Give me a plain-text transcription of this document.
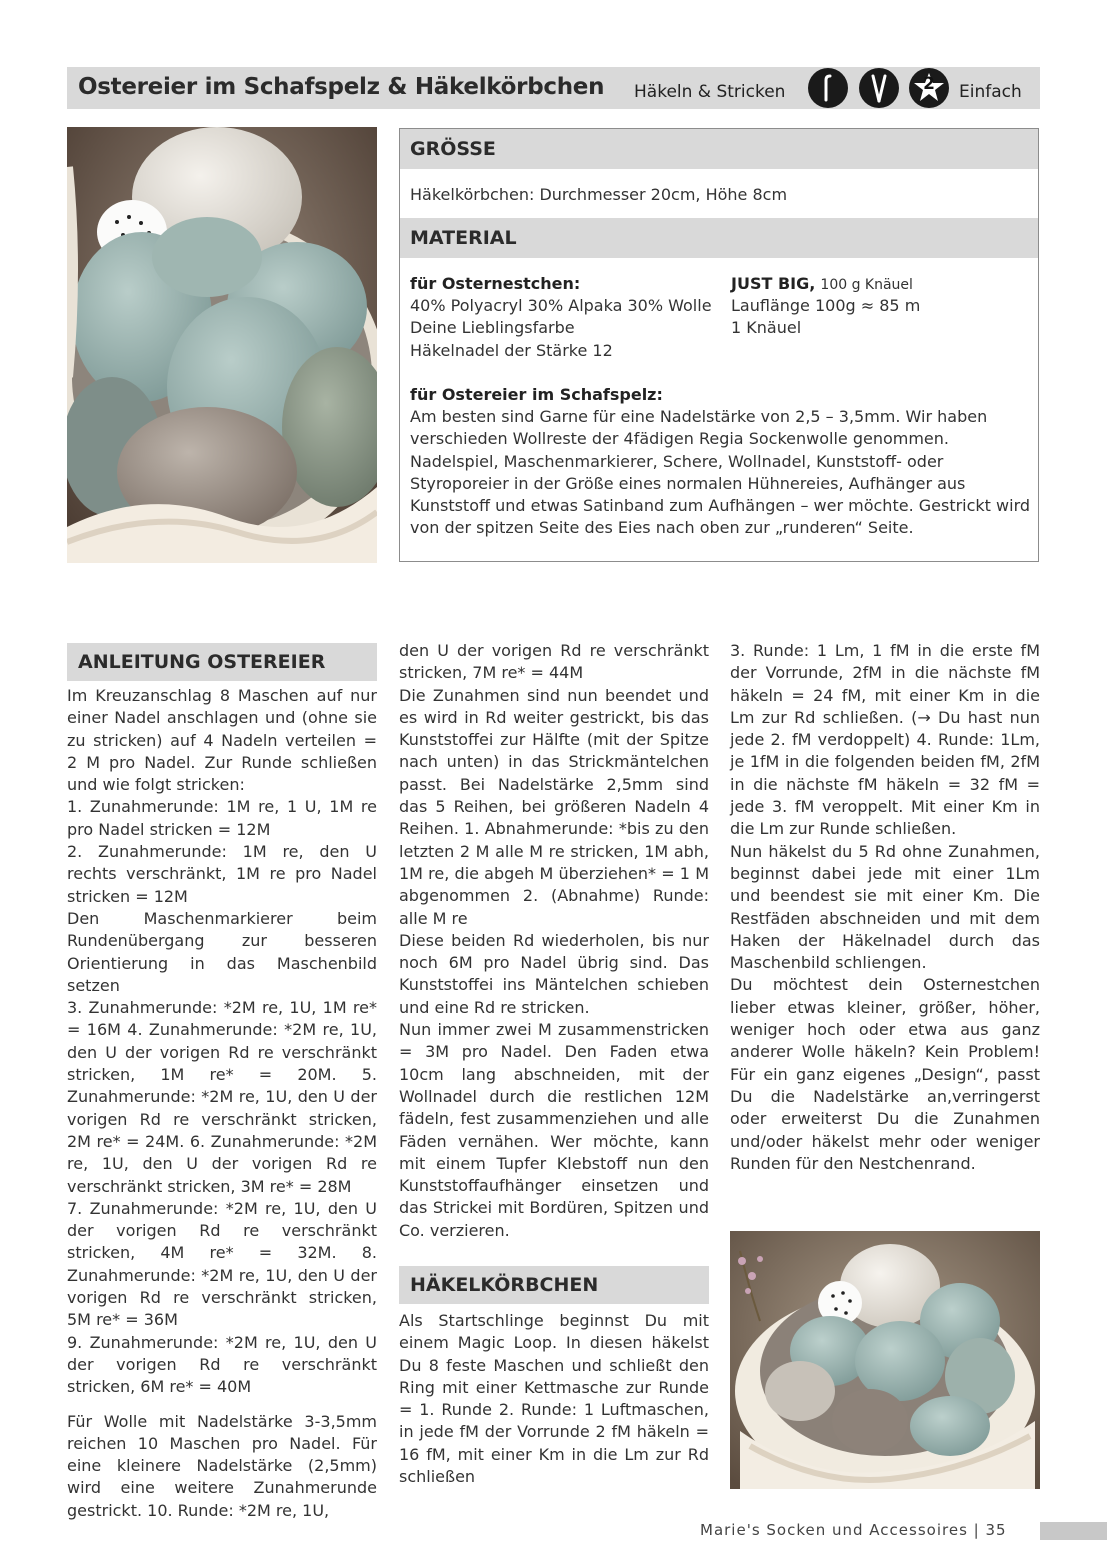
Ostereier im Schafspelz & Häkelkörbchen Häkeln & Stricken	2	Einfach
GRÖSSE
Häkelkörbchen: Durchmesser 20cm, Höhe 8cm
MATERIAL
für Osternestchen:
40% Polyacryl 30% Alpaka 30% Wolle
Deine Lieblingsfarbe
Häkelnadel der Stärke 12
JUST BIG, 100 g Knäuel
Lauflänge 100g ≈ 85 m
1 Knäuel
für Ostereier im Schafspelz:
Am besten sind Garne für eine Nadelstärke von 2,5 – 3,5mm. Wir haben verschieden Wollreste der 4fädigen Regia Sockenwolle genommen. Nadelspiel, Maschenmarkierer, Schere, Wollnadel, Kunststoff- oder Styroporeier in der Größe eines normalen Hühnereies, Aufhänger aus Kunststoff und etwas Satinband zum Aufhängen – wer möchte. Gestrickt wird von der spitzen Seite des Eies nach oben zur „runderen“ Seite.
ANLEITUNG OSTEREIER

Im Kreuzanschlag 8 Maschen auf nur einer Nadel anschlagen und (ohne sie zu stricken) auf 4 Nadeln verteilen = 2 M pro Nadel. Zur Runde schließen und wie folgt stricken:

1. Zunahmerunde: 1M re, 1 U, 1M re pro Nadel stricken = 12M

2. Zunahmerunde: 1M re, den U rechts verschränkt, 1M re pro Nadel stricken = 12M

Den Maschenmarkierer beim Rundenübergang zur besseren Orientierung in das Maschenbild setzen

3. Zunahmerunde: *2M re, 1U, 1M re* = 16M 4. Zunahmerunde: *2M re, 1U, den U der vorigen Rd re verschränkt stricken, 1M re* = 20M. 5. Zunahmerunde: *2M re, 1U, den U der vorigen Rd re verschränkt stricken, 2M re* = 24M. 6. Zunahmerunde: *2M re, 1U, den U der vorigen Rd re verschränkt stricken, 3M re* = 28M

7. Zunahmerunde: *2M re, 1U, den U der vorigen Rd re verschränkt stricken, 4M re* = 32M. 8. Zunahmerunde: *2M re, 1U, den U der vorigen Rd re verschränkt stricken, 5M re* = 36M

9. Zunahmerunde: *2M re, 1U, den U der vorigen Rd re verschränkt stricken, 6M re* = 40M

Für Wolle mit Nadelstärke 3-3,5mm reichen 10 Maschen pro Nadel. Für eine kleinere Nadelstärke (2,5mm) wird eine weitere Zunahmerunde gestrickt. 10. Runde: *2M re, 1U,

den U der vorigen Rd re verschränkt stricken, 7M re* = 44M

Die Zunahmen sind nun beendet und es wird in Rd weiter gestrickt, bis das Kunststoffei zur Hälfte (mit der Spitze nach unten) in das Strickmäntelchen passt. Bei Nadelstärke 2,5mm sind das 5 Reihen, bei größeren Nadeln 4 Reihen. 1. Abnahmerunde: *bis zu den letzten 2 M alle M re stricken, 1M abh, 1M re, die abgeh M überziehen* = 1 M abgenommen 2. (Abnahme) Runde: alle M re

Diese beiden Rd wiederholen, bis nur noch 6M pro Nadel übrig sind. Das Kunststoffei ins Mäntelchen schieben und eine Rd re stricken.

Nun immer zwei M zusammenstricken = 3M pro Nadel. Den Faden etwa 10cm lang abschneiden, mit der Wollnadel durch die restlichen 12M fädeln, fest zusammenziehen und alle Fäden vernähen. Wer möchte, kann mit einem Tupfer Klebstoff nun den Kunststoffaufhänger einsetzen und das Strickei mit Bordüren, Spitzen und Co. verzieren.

HÄKELKÖRBCHEN
Als Startschlinge beginnst Du mit einem Magic Loop. In diesen häkelst Du 8 feste Maschen und schließt den Ring mit einer Kettmasche zur Runde = 1. Runde 2. Runde: 1 Luftmaschen, in jede fM der Vorrunde 2 fM häkeln = 16 fM, mit einer Km in die Lm zur Rd schließen

3. Runde: 1 Lm, 1 fM in die erste fM der Vorrunde, 2fM in die nächste fM häkeln = 24 fM, mit einer Km in die Lm zur Rd schließen. (→ Du hast nun jede 2. fM verdoppelt) 4. Runde: 1Lm, je 1fM in die folgenden beiden fM, 2fM in die nächste fM häkeln = 32 fM = jede 3. fM veroppelt. Mit einer Km in die Lm zur Runde schließen.

Nun häkelst du 5 Rd ohne Zunahmen, beginnst dabei jede mit einer 1Lm und beendest sie mit einer Km. Die Restfäden abschneiden und mit dem Haken der Häkelnadel durch das Maschenbild schliengen.

Du möchtest dein Osternestchen lieber etwas kleiner, größer, höher, weniger hoch oder etwa aus ganz anderer Wolle häkeln? Kein Problem! Für ein ganz eigenes „Design“, passt Du die Nadelstärke an,verringerst oder erweiterst Du die Zunahmen und/oder häkelst mehr oder weniger Runden für den Nestchenrand.

Marie's Socken und Accessoires | 35
